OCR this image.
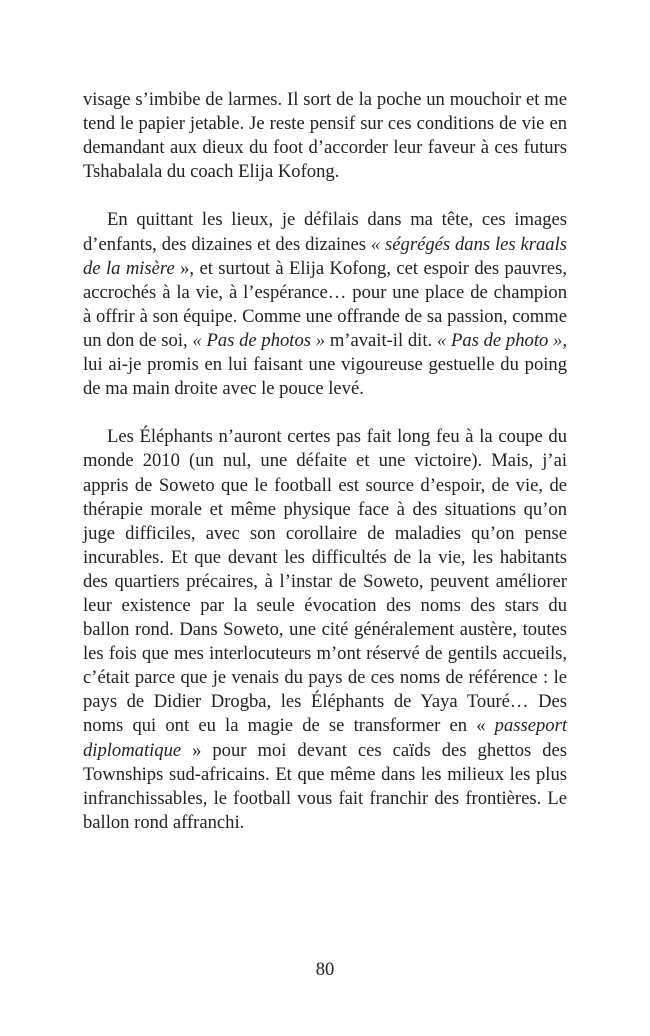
visage s’imbibe de larmes. Il sort de la poche un mouchoir et me tend le papier jetable. Je reste pensif sur ces conditions de vie en demandant aux dieux du foot d’accorder leur faveur à ces futurs Tshabalala du coach Elija Kofong.

En quittant les lieux, je défilais dans ma tête, ces images d’enfants, des dizaines et des dizaines « ségrégés dans les kraals de la misère », et surtout à Elija Kofong, cet espoir des pauvres, accrochés à la vie, à l’espérance… pour une place de champion à offrir à son équipe. Comme une offrande de sa passion, comme un don de soi, « Pas de photos » m’avait-il dit. « Pas de photo », lui ai-je promis en lui faisant une vigoureuse gestuelle du poing de ma main droite avec le pouce levé.

Les Éléphants n’auront certes pas fait long feu à la coupe du monde 2010 (un nul, une défaite et une victoire). Mais, j’ai appris de Soweto que le football est source d’espoir, de vie, de thérapie morale et même physique face à des situations qu’on juge difficiles, avec son corollaire de maladies qu’on pense incurables. Et que devant les difficultés de la vie, les habitants des quartiers précaires, à l’instar de Soweto, peuvent améliorer leur existence par la seule évocation des noms des stars du ballon rond. Dans Soweto, une cité généralement austère, toutes les fois que mes interlocuteurs m’ont réservé de gentils accueils, c’était parce que je venais du pays de ces noms de référence : le pays de Didier Drogba, les Éléphants de Yaya Touré… Des noms qui ont eu la magie de se transformer en « passeport diplomatique » pour moi devant ces caïds des ghettos des Townships sud-africains. Et que même dans les milieux les plus infranchissables, le football vous fait franchir des frontières. Le ballon rond affranchi.

80
